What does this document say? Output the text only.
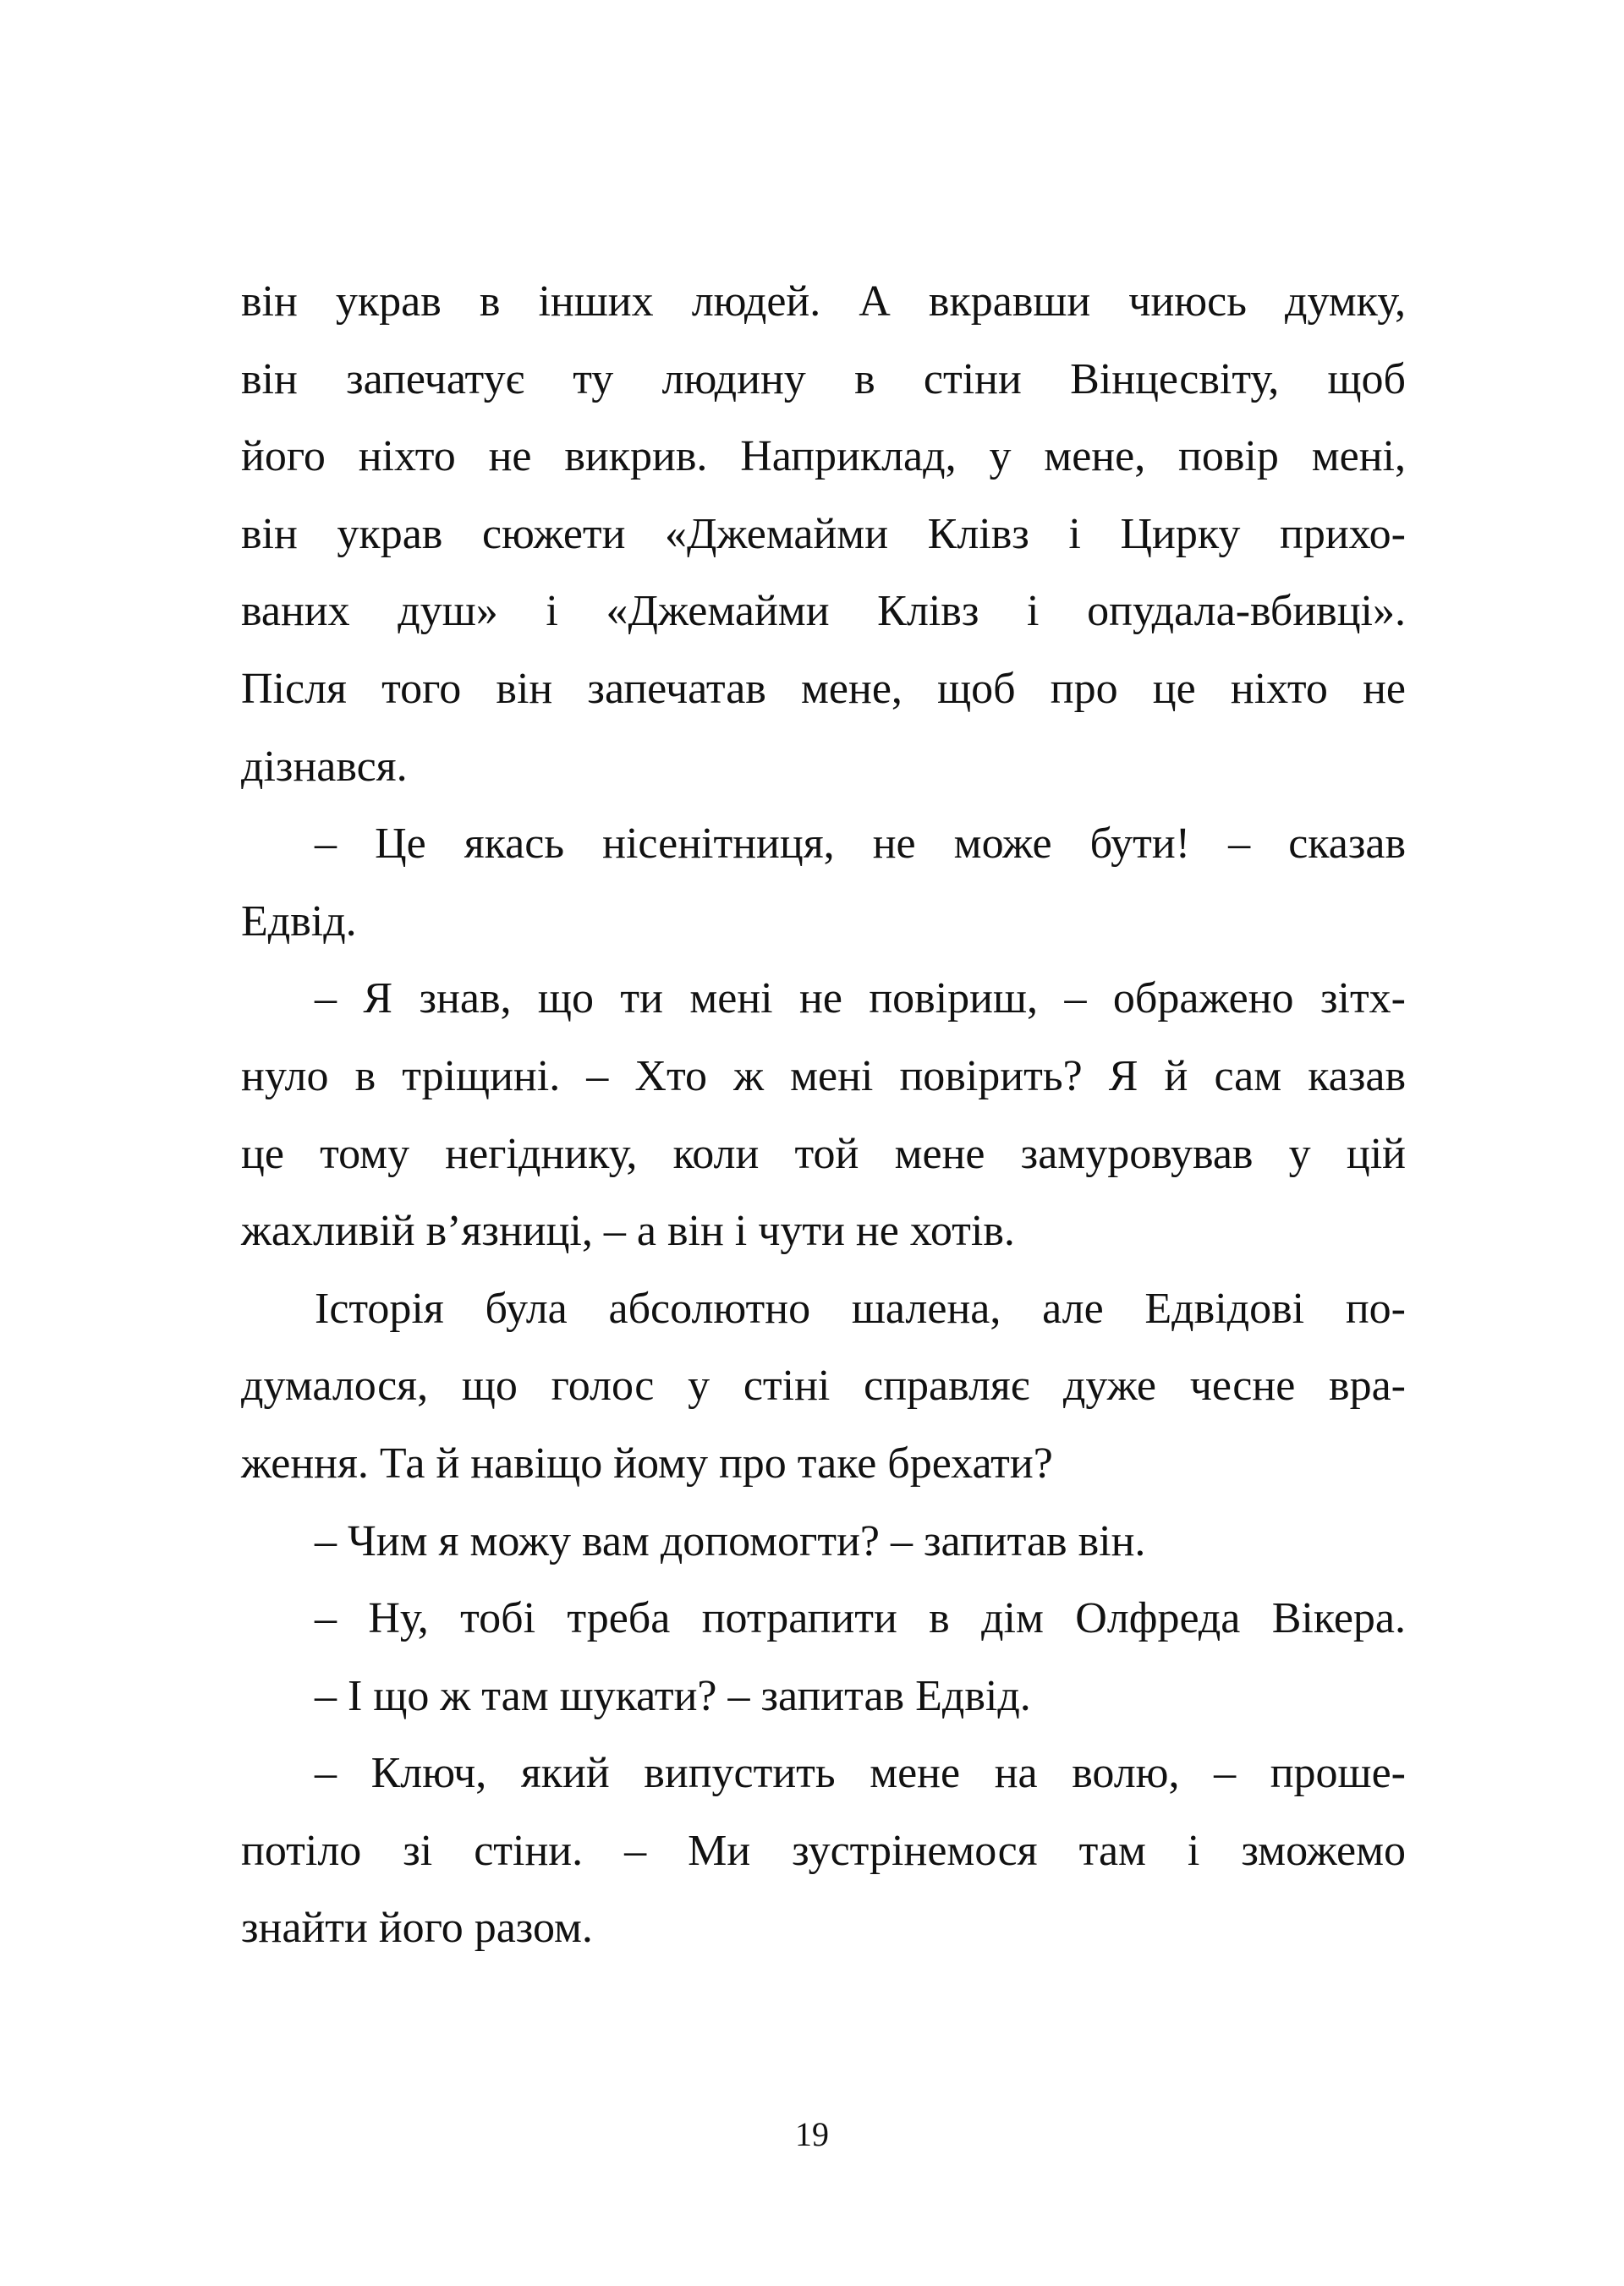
він украв в інших людей. А вкравши чиюсь думку,
він запечатує ту людину в стіни Вінцесвіту, щоб
його ніхто не викрив. Наприклад, у мене, повір мені,
він украв сюжети «Джемайми Клівз і Цирку прихо-
ваних душ» і «Джемайми Клівз і опудала-вбивці».
Після того він запечатав мене, щоб про це ніхто не
дізнався.
– Це якась нісенітниця, не може бути! – сказав
Едвід.
– Я знав, що ти мені не повіриш, – ображено зітх-
нуло в тріщині. – Хто ж мені повірить? Я й сам казав
це тому негіднику, коли той мене замуровував у цій
жахливій в’язниці, – а він і чути не хотів.
Історія була абсолютно шалена, але Едвідові по-
думалося, що голос у стіні справляє дуже чесне вра-
ження. Та й навіщо йому про таке брехати?
– Чим я можу вам допомогти? – запитав він.
– Ну, тобі треба потрапити в дім Олфреда Вікера.
– І що ж там шукати? – запитав Едвід.
– Ключ, який випустить мене на волю, – проше-
потіло зі стіни. – Ми зустрінемося там і зможемо
знайти його разом.
19
